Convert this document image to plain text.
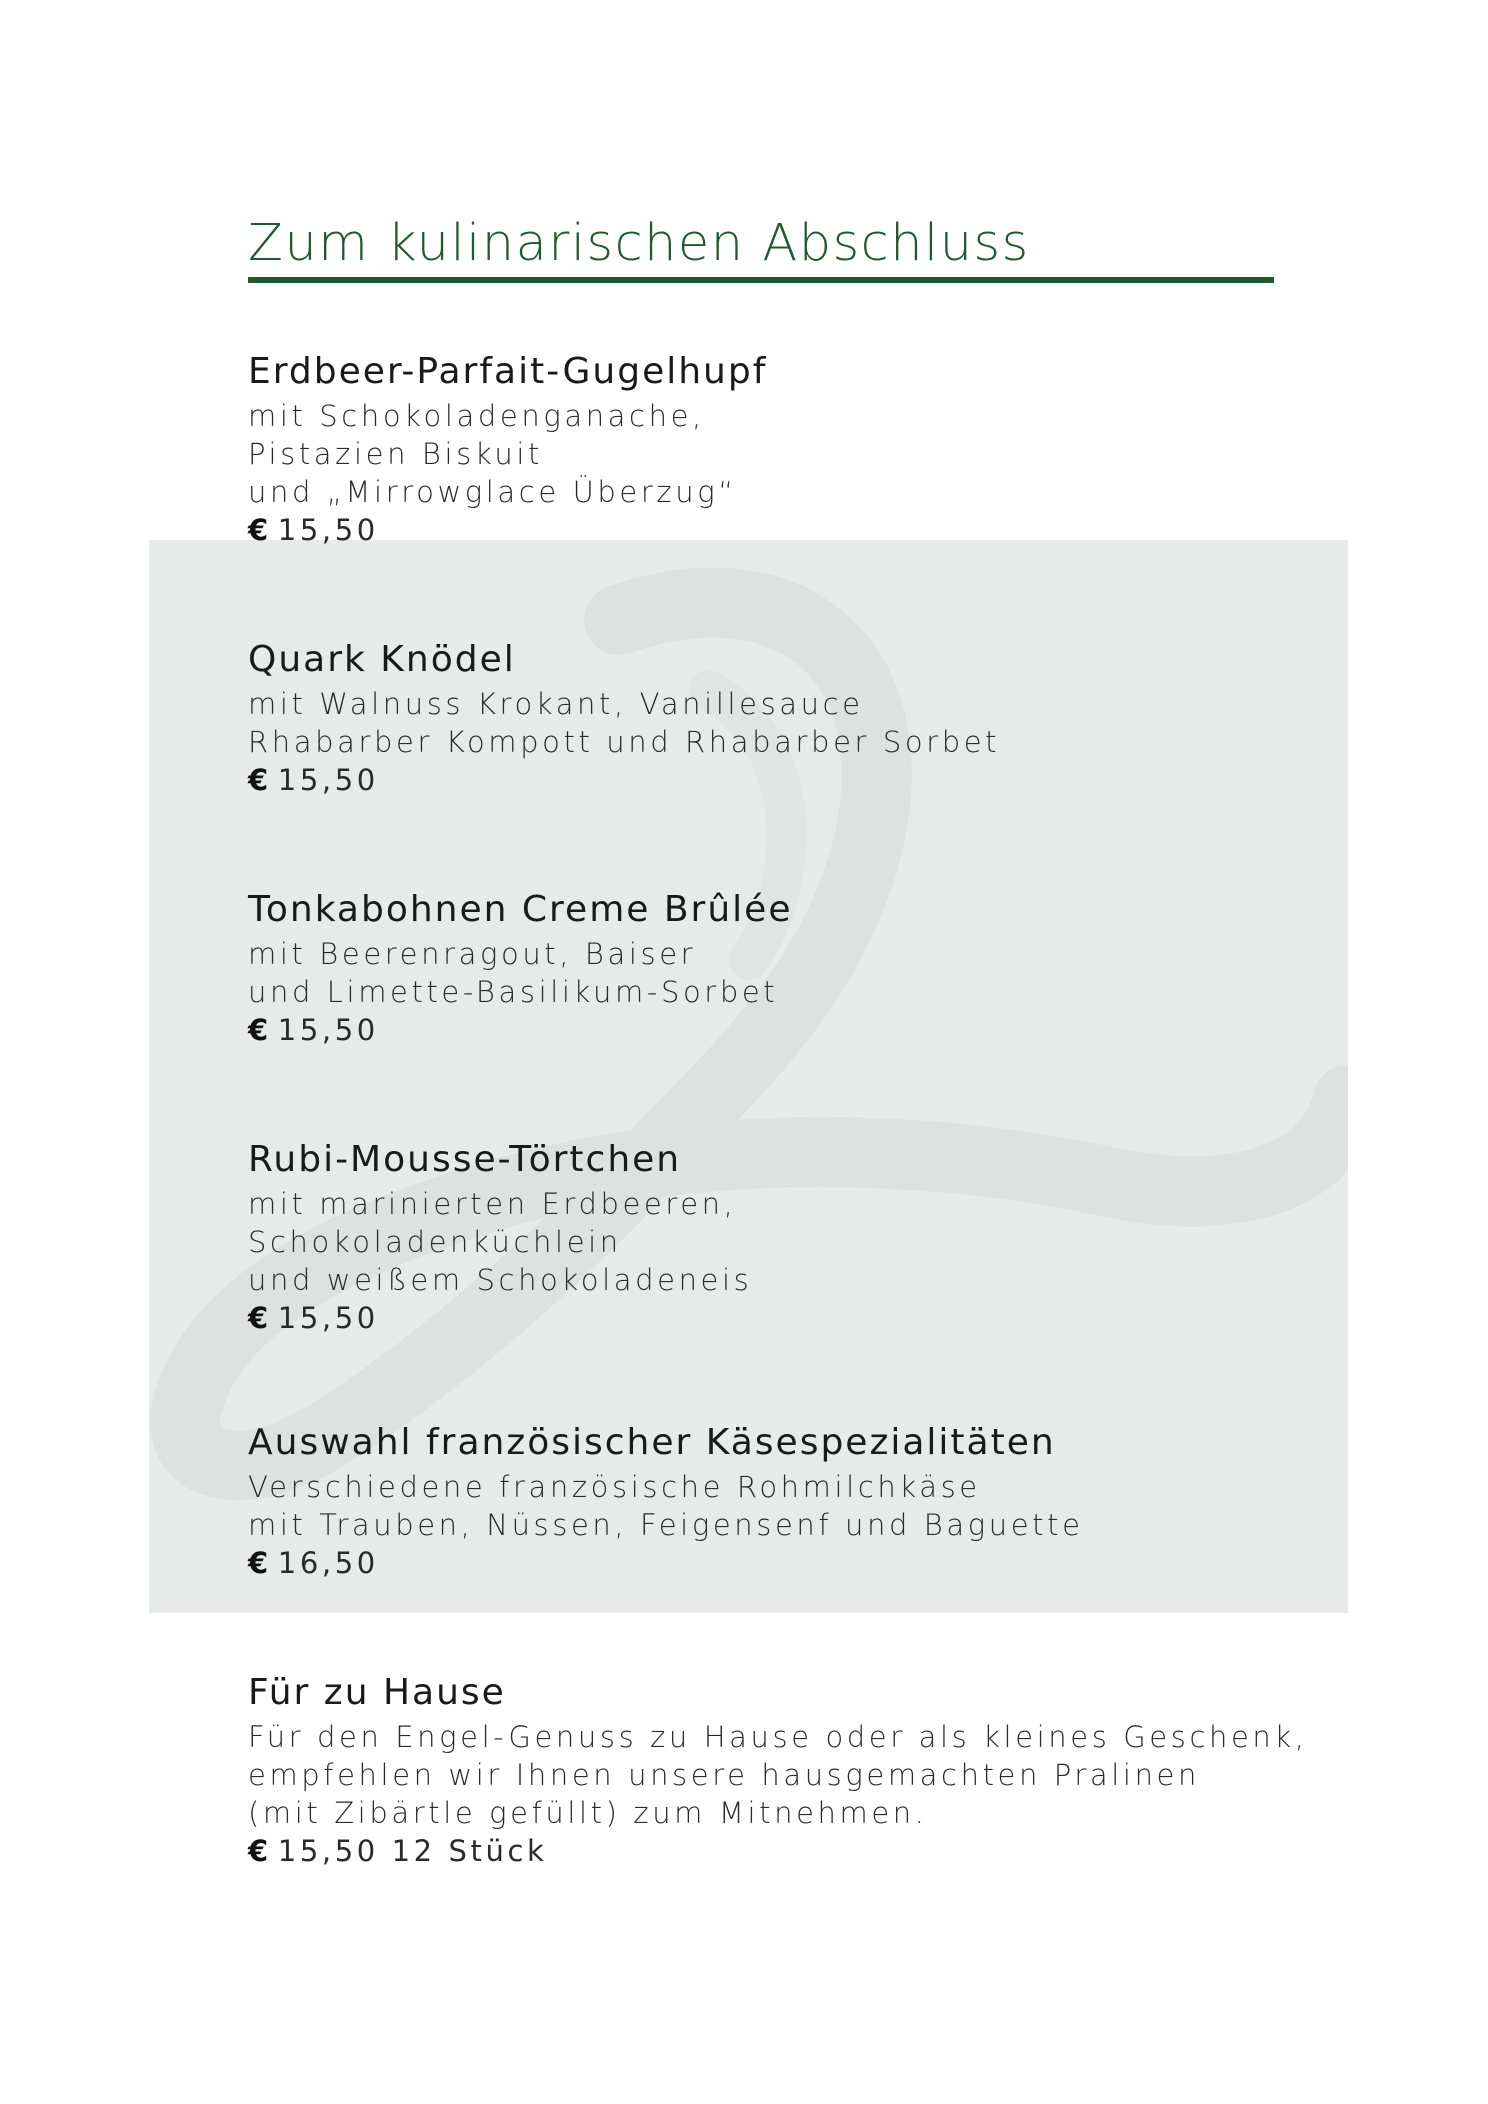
Zum kulinarischen Abschluss
Erdbeer-Parfait-Gugelhupf
mit Schokoladenganache,
Pistazien Biskuit
und „Mirrowglace Überzug“
€ 15,50
Quark Knödel
mit Walnuss Krokant, Vanillesauce
Rhabarber Kompott und Rhabarber Sorbet
€ 15,50
Tonkabohnen Creme Brûlée
mit Beerenragout, Baiser
und Limette-Basilikum-Sorbet
€ 15,50
Rubi-Mousse-Törtchen
mit marinierten Erdbeeren,
Schokoladenküchlein
und weißem Schokoladeneis
€ 15,50
Auswahl französischer Käsespezialitäten
Verschiedene französische Rohmilchkäse
mit Trauben, Nüssen, Feigensenf und Baguette
€ 16,50
Für zu Hause
Für den Engel-Genuss zu Hause oder als kleines Geschenk,
empfehlen wir Ihnen unsere hausgemachten Pralinen
(mit Zibärtle gefüllt) zum Mitnehmen.
€ 15,50 12 Stück
